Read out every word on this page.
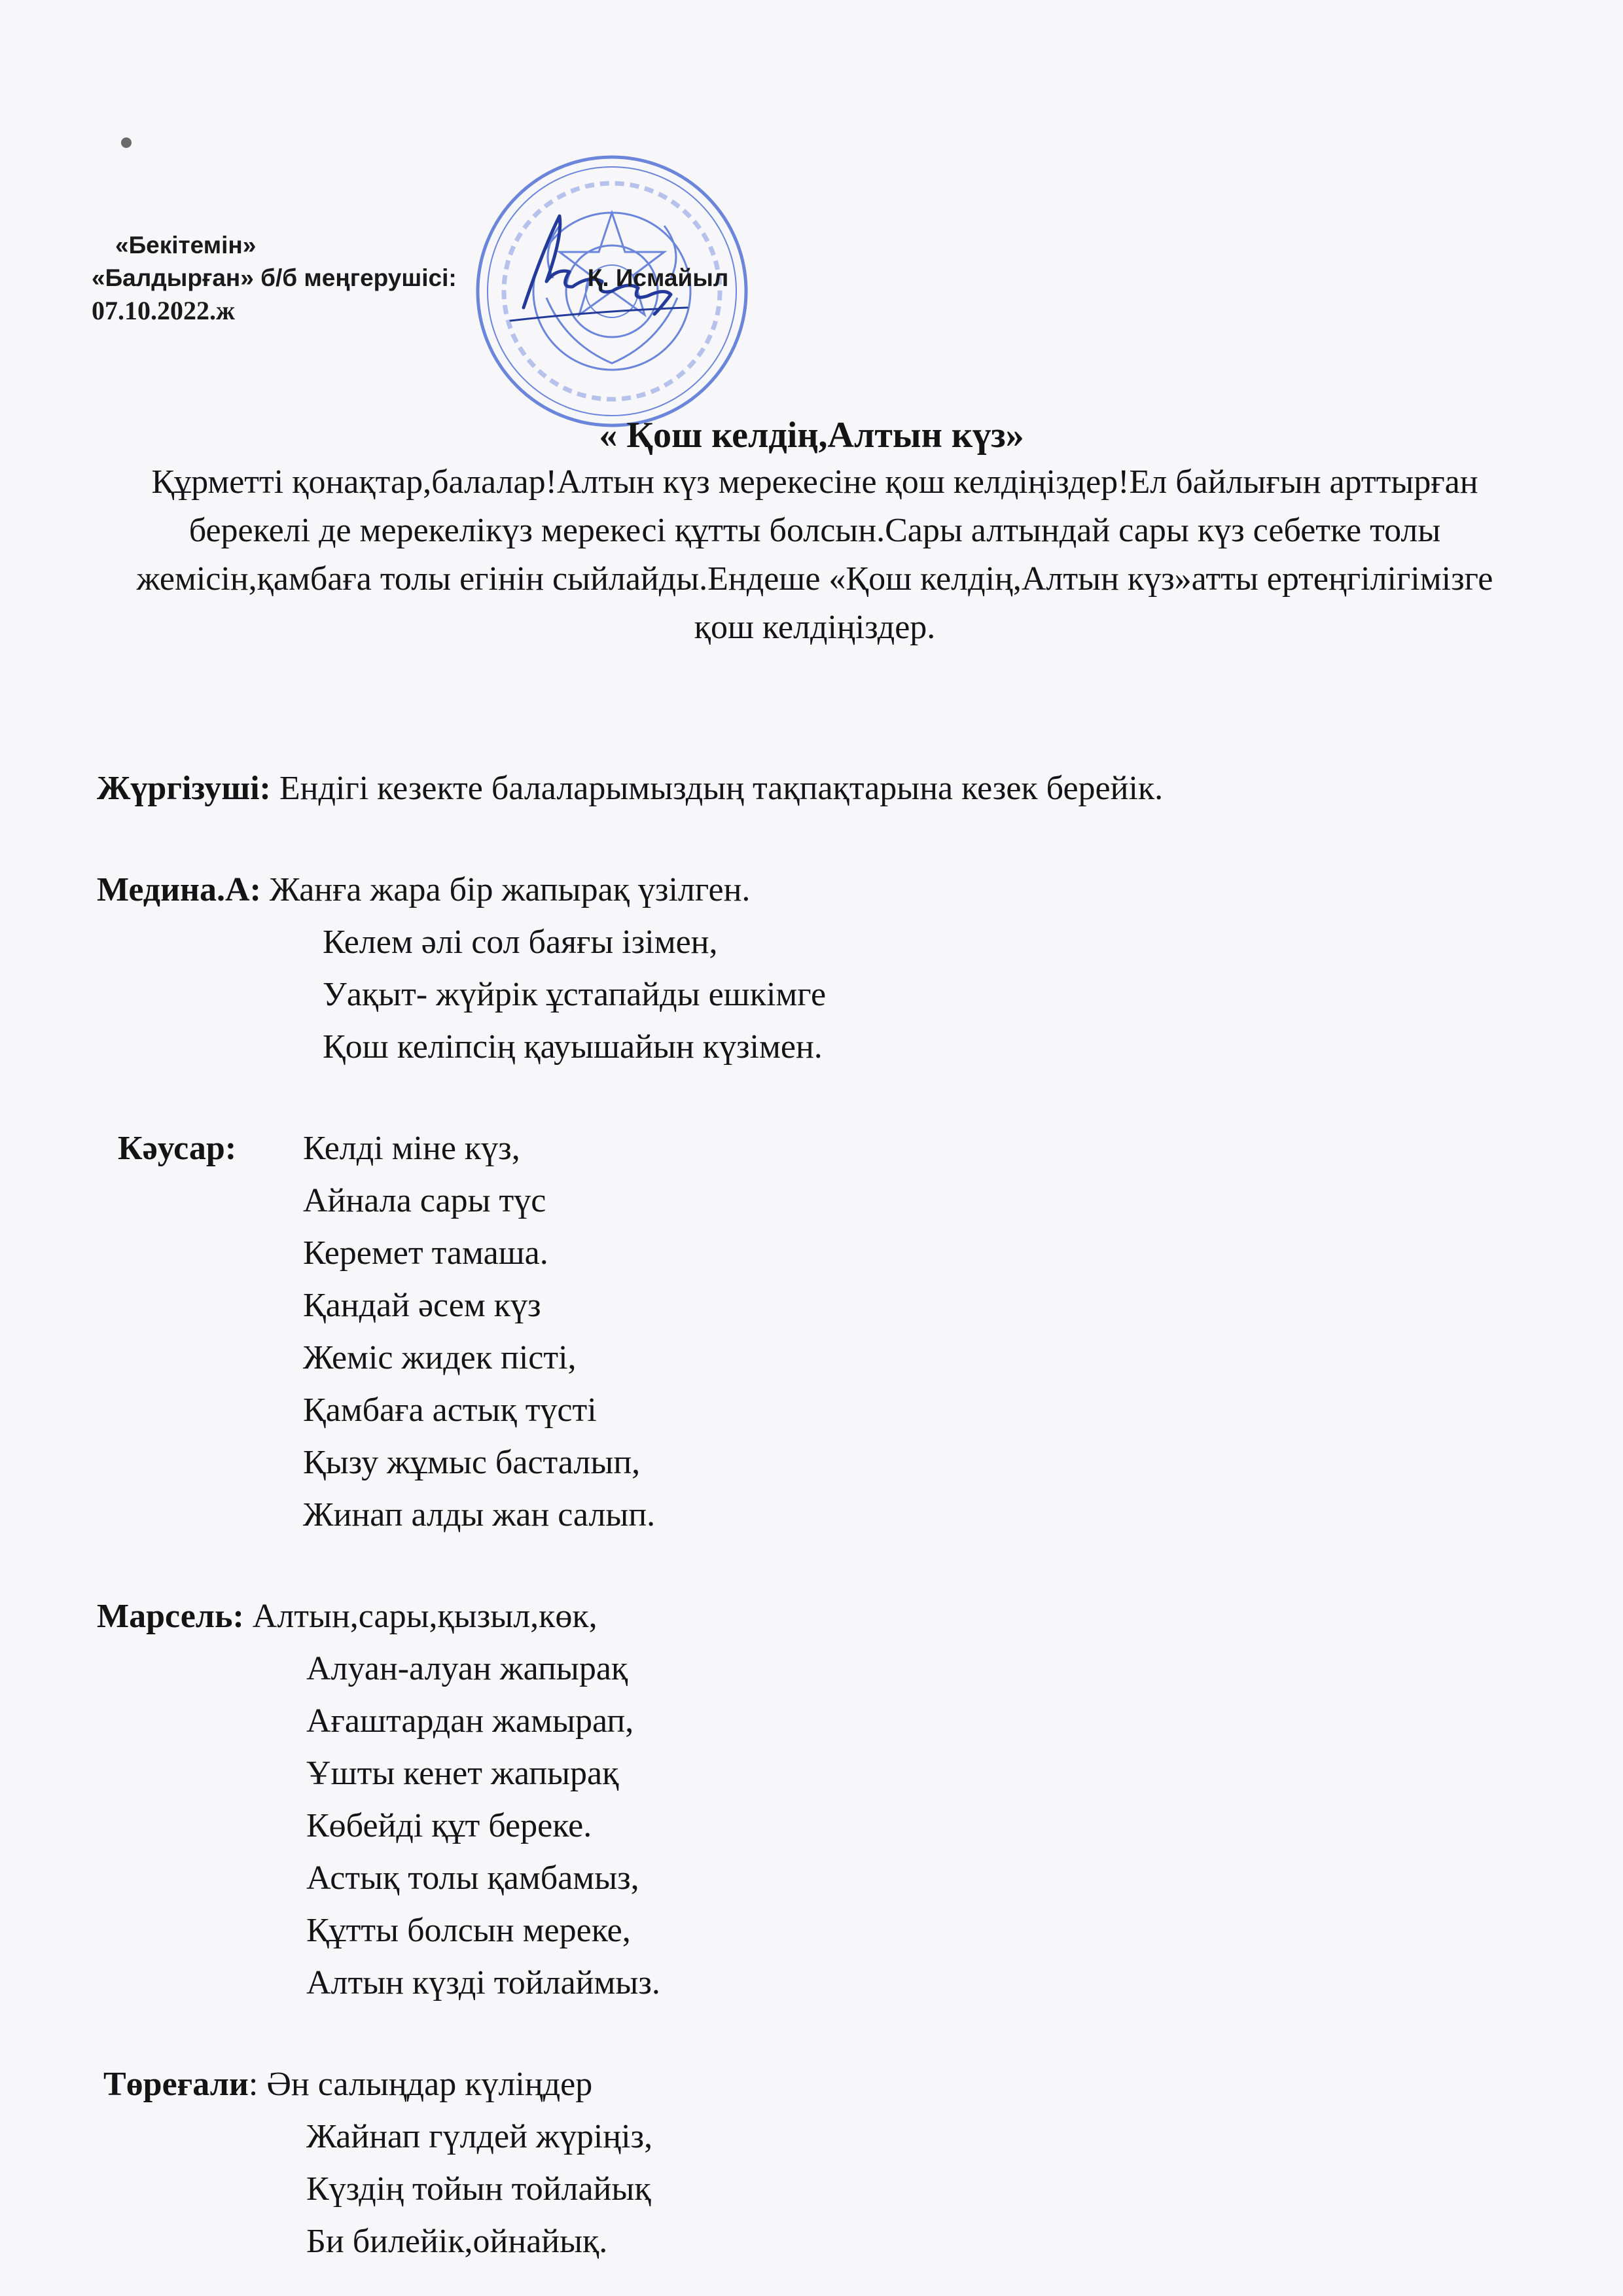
«Бекітемін»
«Балдырған» б/б меңгерушісі:	Қ. Исмайыл
07.10.2022.ж
« Қош келдің,Алтын күз»
Құрметті қонақтар,балалар!Алтын күз мерекесіне қош келдіңіздер!Ел байлығын арттырған берекелі де мерекелікүз мерекесі құтты болсын.Сары алтындай сары күз себетке толы жемісін,қамбаға толы егінін сыйлайды.Ендеше «Қош келдің,Алтын күз»атты ертеңгілігімізге қош келдіңіздер.
Жүргізуші: Ендігі кезекте балаларымыздың тақпақтарына кезек берейік.
Медина.А: Жанға жара бір жапырақ үзілген.
Келем әлі сол баяғы ізімен,
Уақыт- жүйрік ұстапайды ешкімге
Қош келіпсің қауышайын күзімен.
Кәусар: Келді міне күз,
Айнала сары түс
Керемет тамаша.
Қандай әсем күз
Жеміс жидек пісті,
Қамбаға астық түсті
Қызу жұмыс басталып,
Жинап алды жан салып.
Марсель: Алтын,сары,қызыл,көк,
Алуан-алуан жапырақ
Ағаштардан жамырап,
Ұшты кенет жапырақ
Көбейді құт береке.
Астық толы қамбамыз,
Құтты болсын мереке,
Алтын күзді тойлаймыз.
Төреғали: Ән салыңдар күліңдер
Жайнап гүлдей жүріңіз,
Күздің тойын тойлайық
Би билейік,ойнайық.
